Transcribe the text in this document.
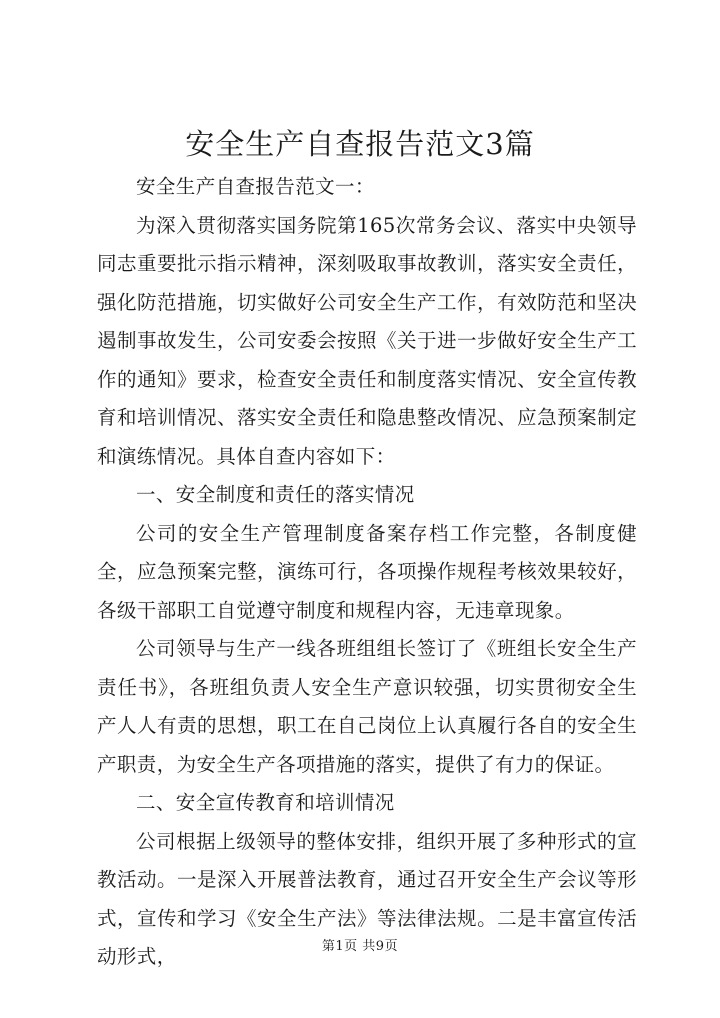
安全生产自查报告范文3篇

安全生产自查报告范文一：

为深入贯彻落实国务院第165次常务会议、落实中央领导同志重要批示指示精神，深刻吸取事故教训，落实安全责任，强化防范措施，切实做好公司安全生产工作，有效防范和坚决遏制事故发生，公司安委会按照《关于进一步做好安全生产工作的通知》要求，检查安全责任和制度落实情况、安全宣传教育和培训情况、落实安全责任和隐患整改情况、应急预案制定和演练情况。具体自查内容如下：

一、安全制度和责任的落实情况

公司的安全生产管理制度备案存档工作完整，各制度健全，应急预案完整，演练可行，各项操作规程考核效果较好，各级干部职工自觉遵守制度和规程内容，无违章现象。

公司领导与生产一线各班组组长签订了《班组长安全生产责任书》，各班组负责人安全生产意识较强，切实贯彻安全生产人人有责的思想，职工在自己岗位上认真履行各自的安全生产职责，为安全生产各项措施的落实，提供了有力的保证。

二、安全宣传教育和培训情况

公司根据上级领导的整体安排，组织开展了多种形式的宣教活动。一是深入开展普法教育，通过召开安全生产会议等形式，宣传和学习《安全生产法》等法律法规。二是丰富宣传活动形式，	第1页 共9页
